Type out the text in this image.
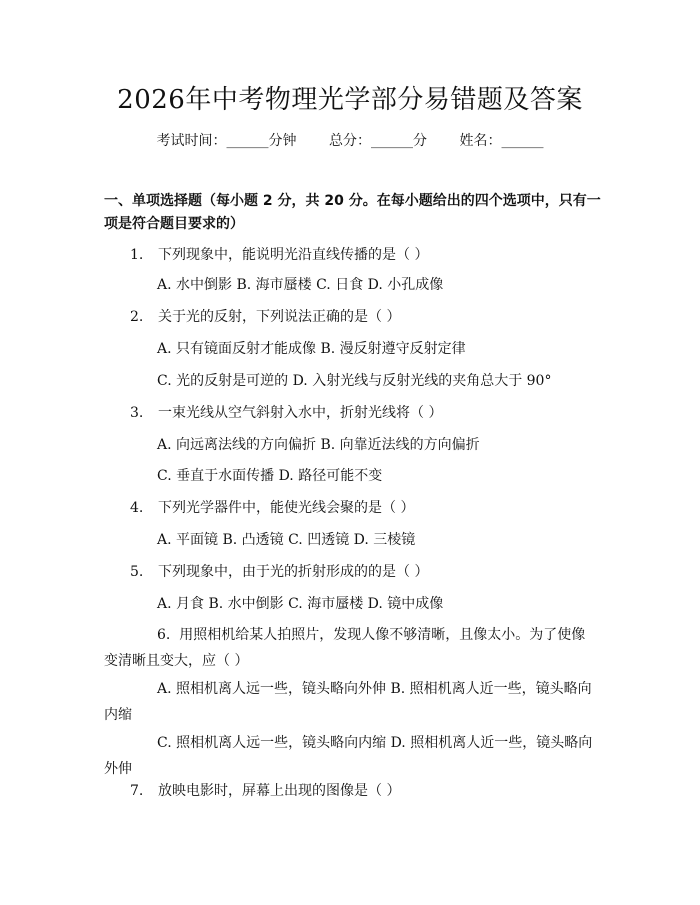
2026年中考物理光学部分易错题及答案
考试时间：______分钟 总分：______分 姓名：______
一、单项选择题（每小题 2 分，共 20 分。在每小题给出的四个选项中，只有一项是符合题目要求的）
1. 下列现象中，能说明光沿直线传播的是（ ）
A. 水中倒影 B. 海市蜃楼 C. 日食 D. 小孔成像
2. 关于光的反射，下列说法正确的是（ ）
A. 只有镜面反射才能成像 B. 漫反射遵守反射定律
C. 光的反射是可逆的 D. 入射光线与反射光线的夹角总大于 90°
3. 一束光线从空气斜射入水中，折射光线将（ ）
A. 向远离法线的方向偏折 B. 向靠近法线的方向偏折
C. 垂直于水面传播 D. 路径可能不变
4. 下列光学器件中，能使光线会聚的是（ ）
A. 平面镜 B. 凸透镜 C. 凹透镜 D. 三棱镜
5. 下列现象中，由于光的折射形成的的是（ ）
A. 月食 B. 水中倒影 C. 海市蜃楼 D. 镜中成像
6. 用照相机给某人拍照片，发现人像不够清晰，且像太小。为了使像变清晰且变大，应（ ）
A. 照相机离人远一些，镜头略向外伸 B. 照相机离人近一些，镜头略向内缩
C. 照相机离人远一些，镜头略向内缩 D. 照相机离人近一些，镜头略向外伸
7. 放映电影时，屏幕上出现的图像是（ ）
